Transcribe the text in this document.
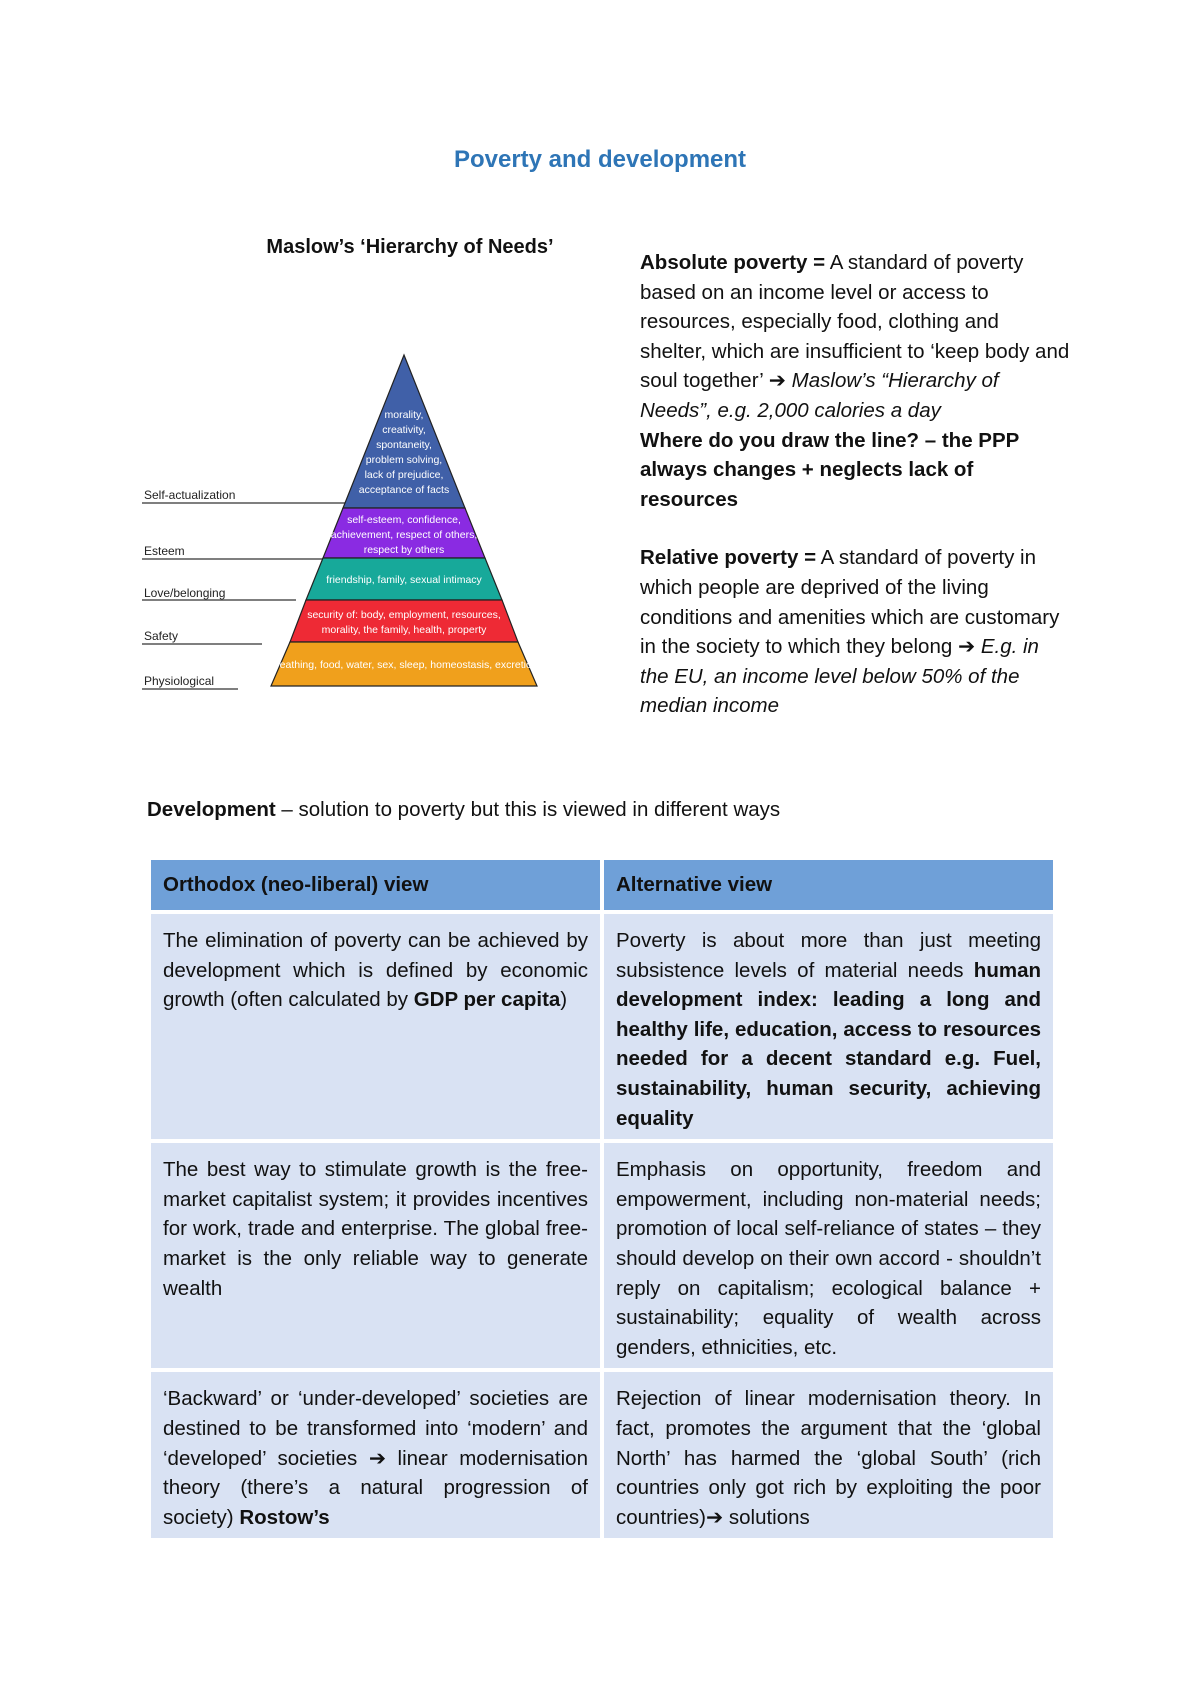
Poverty and development
Maslow’s ‘Hierarchy of Needs’
Self-actualization
Esteem
Love/belonging
Safety
Physiological
morality,
creativity,
spontaneity,
problem solving,
lack of prejudice,
acceptance of facts
self-esteem, confidence,
achievement, respect of others,
respect by others
friendship, family, sexual intimacy
security of: body, employment, resources,
morality, the family, health, property
breathing, food, water, sex, sleep, homeostasis, excretion

Absolute poverty = A standard of poverty based on an income level or access to resources, especially food, clothing and shelter, which are insufficient to ‘keep body and soul together’ ➔ Maslow’s “Hierarchy of Needs”, e.g. 2,000 calories a day

Where do you draw the line? – the PPP always changes + neglects lack of resources

Relative poverty = A standard of poverty in which people are deprived of the living conditions and amenities which are customary in the society to which they belong ➔ E.g. in the EU, an income level below 50% of the median income

Development – solution to poverty but this is viewed in different ways
Orthodox (neo-liberal) view	Alternative view
The elimination of poverty can be achieved by development which is defined by economic growth (often calculated by GDP per capita)	Poverty is about more than just meeting subsistence levels of material needs human development index: leading a long and healthy life, education, access to resources needed for a decent standard e.g. Fuel, sustainability, human security, achieving equality
The best way to stimulate growth is the free-market capitalist system; it provides incentives for work, trade and enterprise. The global free-market is the only reliable way to generate wealth	Emphasis on opportunity, freedom and empowerment, including non-material needs; promotion of local self-reliance of states – they should develop on their own accord - shouldn’t reply on capitalism; ecological balance + sustainability; equality of wealth across genders, ethnicities, etc.
‘Backward’ or ‘under-developed’ societies are destined to be transformed into ‘modern’ and ‘developed’ societies ➔ linear modernisation theory (there’s a natural progression of society) Rostow’s	Rejection of linear modernisation theory. In fact, promotes the argument that the ‘global North’ has harmed the ‘global South’ (rich countries only got rich by exploiting the poor countries)➔ solutions
